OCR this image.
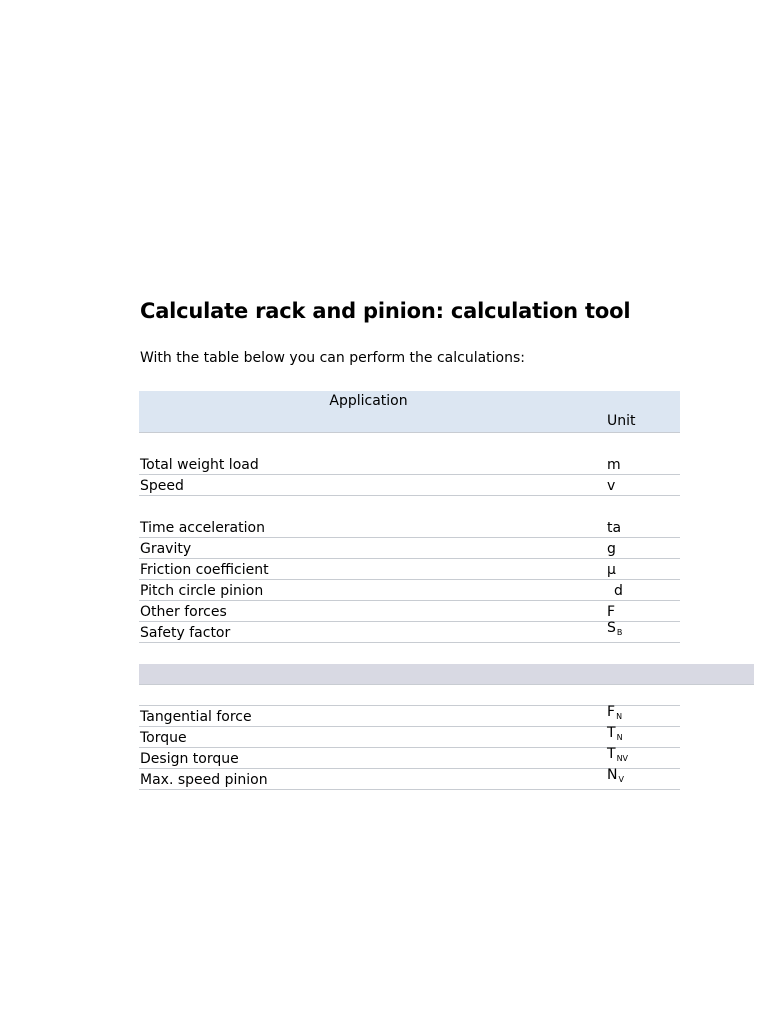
Calculate rack and pinion: calculation tool

With the table below you can perform the calculations:

Application
Unit
Total weight load	m
Speed	v
Time acceleration	ta
Gravity	g
Friction coefficient	μ
Pitch circle pinion	d
Other forces	F
Safety factor	$S_B$
Tangential force	$F_N$
Torque	$T_N$
Design torque	$T_{NV}$
Max. speed pinion	$N_V$
